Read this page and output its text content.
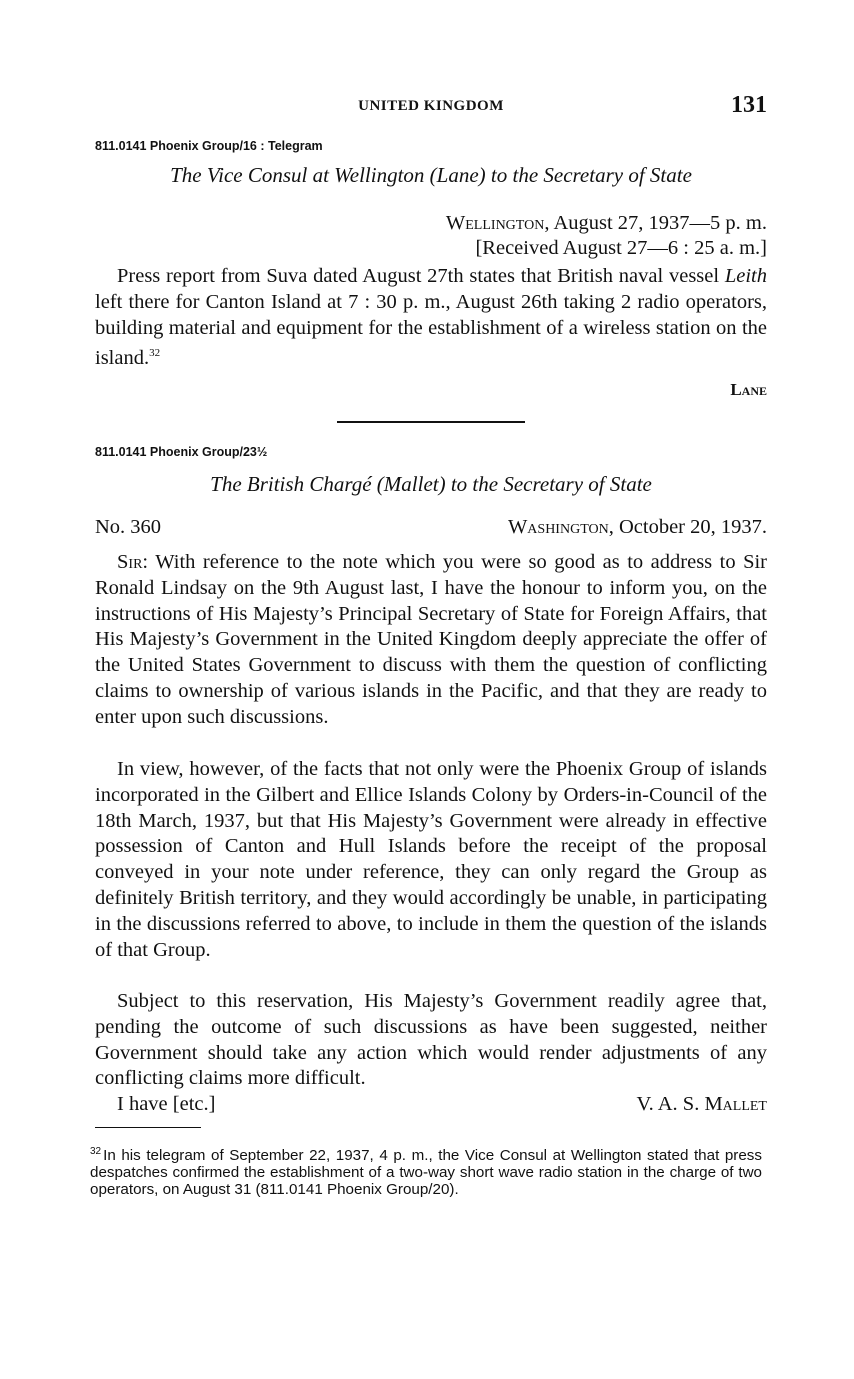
UNITED KINGDOM	131
811.0141 Phoenix Group/16 : Telegram
The Vice Consul at Wellington (Lane) to the Secretary of State
Wellington, August 27, 1937—5 p. m.
[Received August 27—6 : 25 a. m.]

Press report from Suva dated August 27th states that British naval vessel Leith left there for Canton Island at 7 : 30 p. m., August 26th taking 2 radio operators, building material and equipment for the establishment of a wireless station on the island.$^{32}$

Lane
811.0141 Phoenix Group/23½
The British Chargé (Mallet) to the Secretary of State
No. 360	Washington, October 20, 1937.

Sir: With reference to the note which you were so good as to address to Sir Ronald Lindsay on the 9th August last, I have the honour to inform you, on the instructions of His Majesty’s Principal Secretary of State for Foreign Affairs, that His Majesty’s Government in the United Kingdom deeply appreciate the offer of the United States Government to discuss with them the question of conflicting claims to ownership of various islands in the Pacific, and that they are ready to enter upon such discussions.

In view, however, of the facts that not only were the Phoenix Group of islands incorporated in the Gilbert and Ellice Islands Colony by Orders-in-Council of the 18th March, 1937, but that His Majesty’s Government were already in effective possession of Canton and Hull Islands before the receipt of the proposal conveyed in your note under reference, they can only regard the Group as definitely British territory, and they would accordingly be unable, in participating in the discussions referred to above, to include in them the question of the islands of that Group.

Subject to this reservation, His Majesty’s Government readily agree that, pending the outcome of such discussions as have been suggested, neither Government should take any action which would render adjustments of any conflicting claims more difficult.

I have [etc.]	V. A. S. Mallet

$^{32}$ In his telegram of September 22, 1937, 4 p. m., the Vice Consul at Wellington stated that press despatches confirmed the establishment of a two-way short wave radio station in the charge of two operators, on August 31 (811.0141 Phoenix Group/20).
